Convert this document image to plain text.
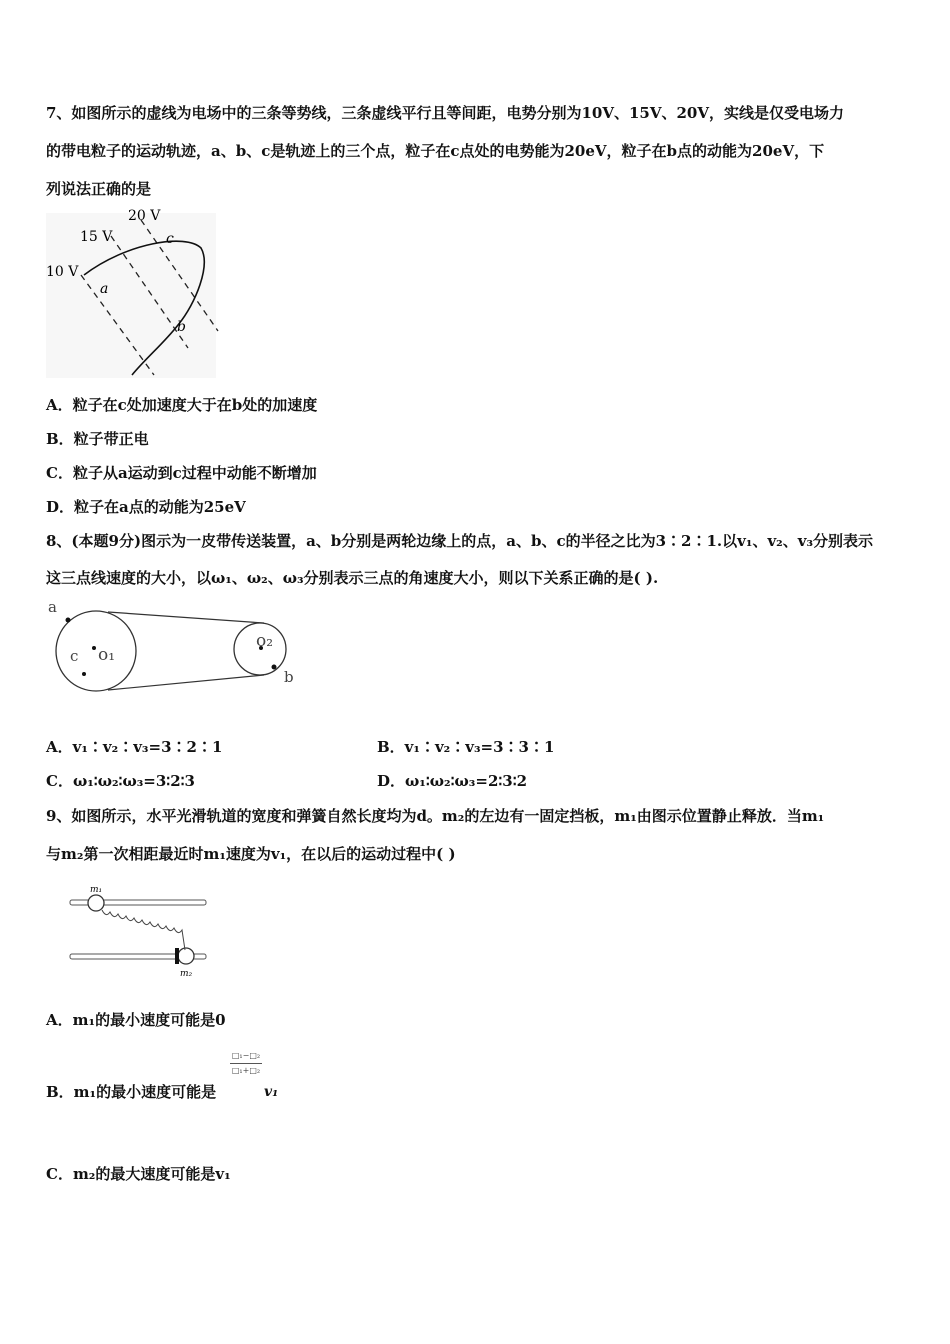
7、如图所示的虚线为电场中的三条等势线，三条虚线平行且等间距，电势分别为10V、15V、20V，实线是仅受电场力
的带电粒子的运动轨迹，a、b、c是轨迹上的三个点，粒子在c点处的电势能为20eV，粒子在b点的动能为20eV，下
列说法正确的是
20 V
15 V
10 V
a
b
c
A．粒子在c处加速度大于在b处的加速度
B．粒子带正电
C．粒子从a运动到c过程中动能不断增加
D．粒子在a点的动能为25eV
8、(本题9分)图示为一皮带传送装置，a、b分别是两轮边缘上的点，a、b、c的半径之比为3∶2∶1.以v₁、v₂、v₃分别表示
这三点线速度的大小，以ω₁、ω₂、ω₃分别表示三点的角速度大小，则以下关系正确的是( ).
a
c o₁
o₂
b
A．v₁∶v₂∶v₃=3∶2∶1	B．v₁∶v₂∶v₃=3∶3∶1
C．ω₁∶ω₂∶ω₃=3∶2∶3	D．ω₁∶ω₂∶ω₃=2∶3∶2
9、如图所示，水平光滑轨道的宽度和弹簧自然长度均为d。m₂的左边有一固定挡板，m₁由图示位置静止释放．当m₁
与m₂第一次相距最近时m₁速度为v₁，在以后的运动过程中( )
m₁
m₂
A．m₁的最小速度可能是0
B．m₁的最小速度可能是
□₁−□₂
□₁+□₂
v₁
C．m₂的最大速度可能是v₁
